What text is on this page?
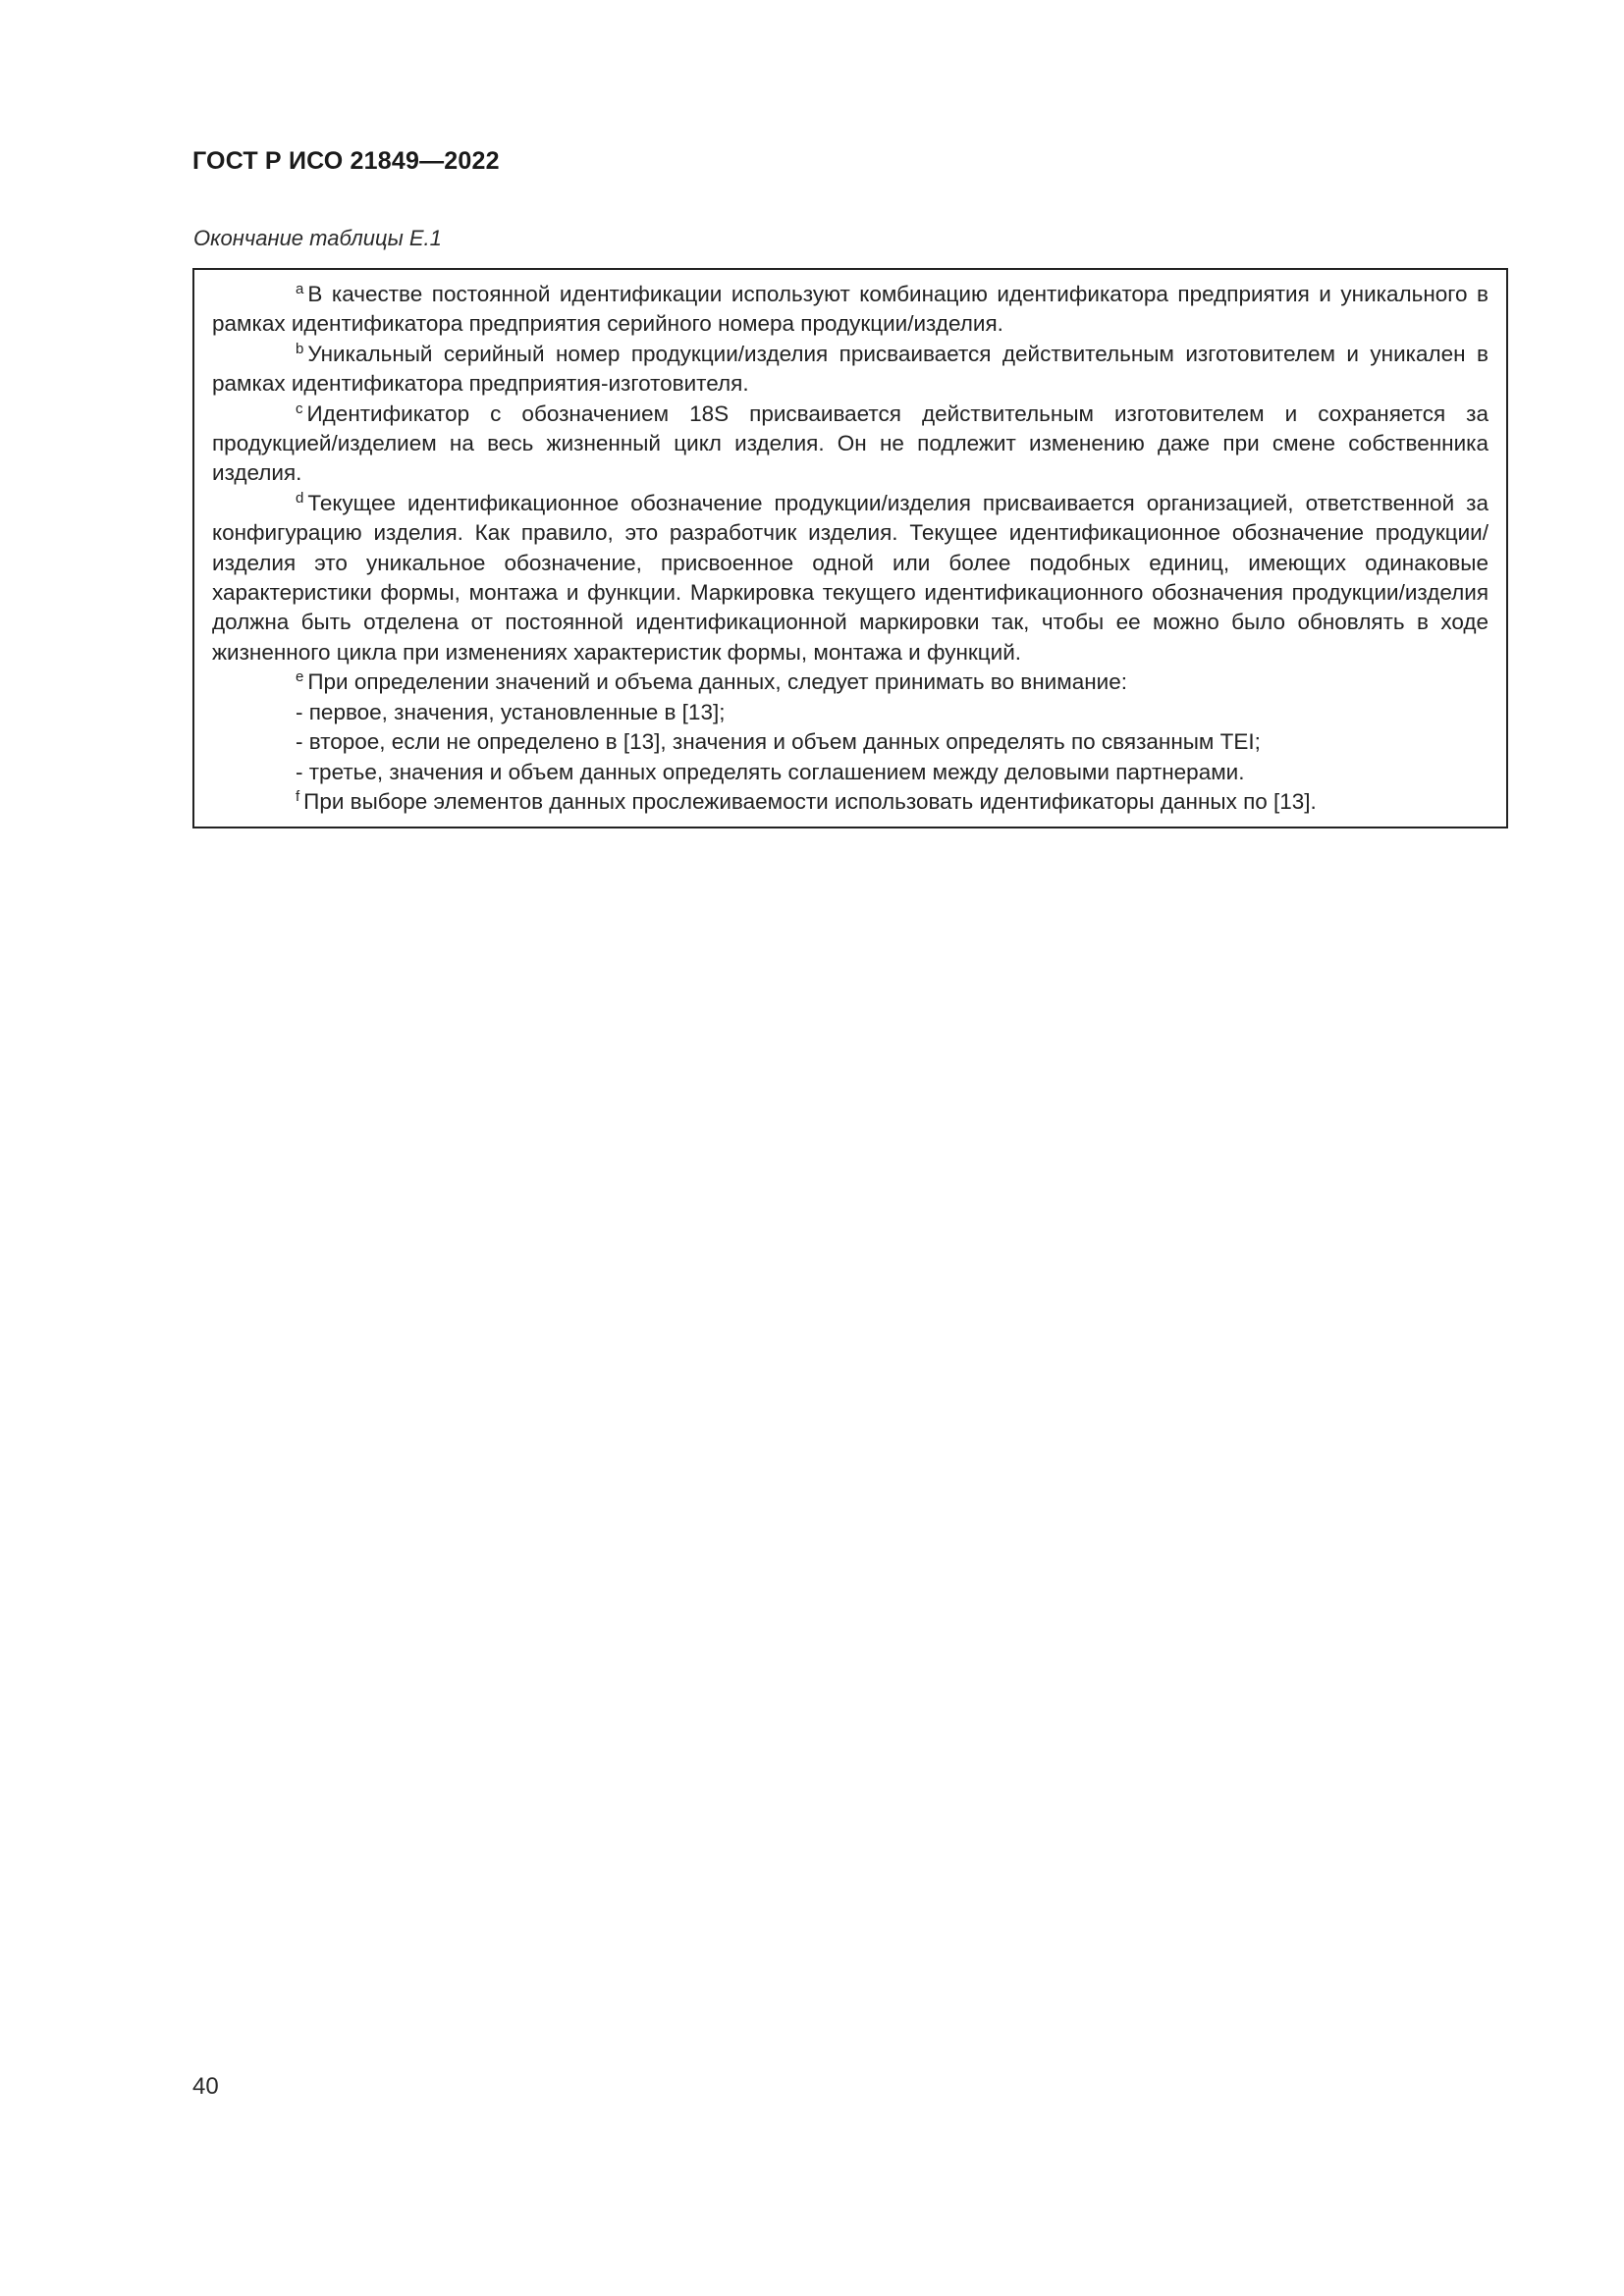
ГОСТ Р ИСО 21849—2022
Окончание таблицы Е.1

$^a$ В качестве постоянной идентификации используют комбинацию идентификатора предприятия и уникального в рамках идентификатора предприятия серийного номера продукции/изделия.

$^b$ Уникальный серийный номер продукции/изделия присваивается действительным изготовителем и уникален в рамках идентификатора предприятия-изготовителя.

$^c$ Идентификатор с обозначением 18S присваивается действительным изготовителем и сохраняется за продукцией/изделием на весь жизненный цикл изделия. Он не подлежит изменению даже при смене собственника изделия.

$^d$ Текущее идентификационное обозначение продукции/изделия присваивается организацией, ответственной за конфигурацию изделия. Как правило, это разработчик изделия. Текущее идентификационное обозначение продукции/изделия это уникальное обозначение, присвоенное одной или более подобных единиц, имеющих одинаковые характеристики формы, монтажа и функции. Маркировка текущего идентификационного обозначения продукции/изделия должна быть отделена от постоянной идентификационной маркировки так, чтобы ее можно было обновлять в ходе жизненного цикла при изменениях характеристик формы, монтажа и функций.

$^e$ При определении значений и объема данных, следует принимать во внимание:

- первое, значения, установленные в [13];

- второе, если не определено в [13], значения и объем данных определять по связанным TEI;

- третье, значения и объем данных определять соглашением между деловыми партнерами.

$^f$ При выборе элементов данных прослеживаемости использовать идентификаторы данных по [13].

40
